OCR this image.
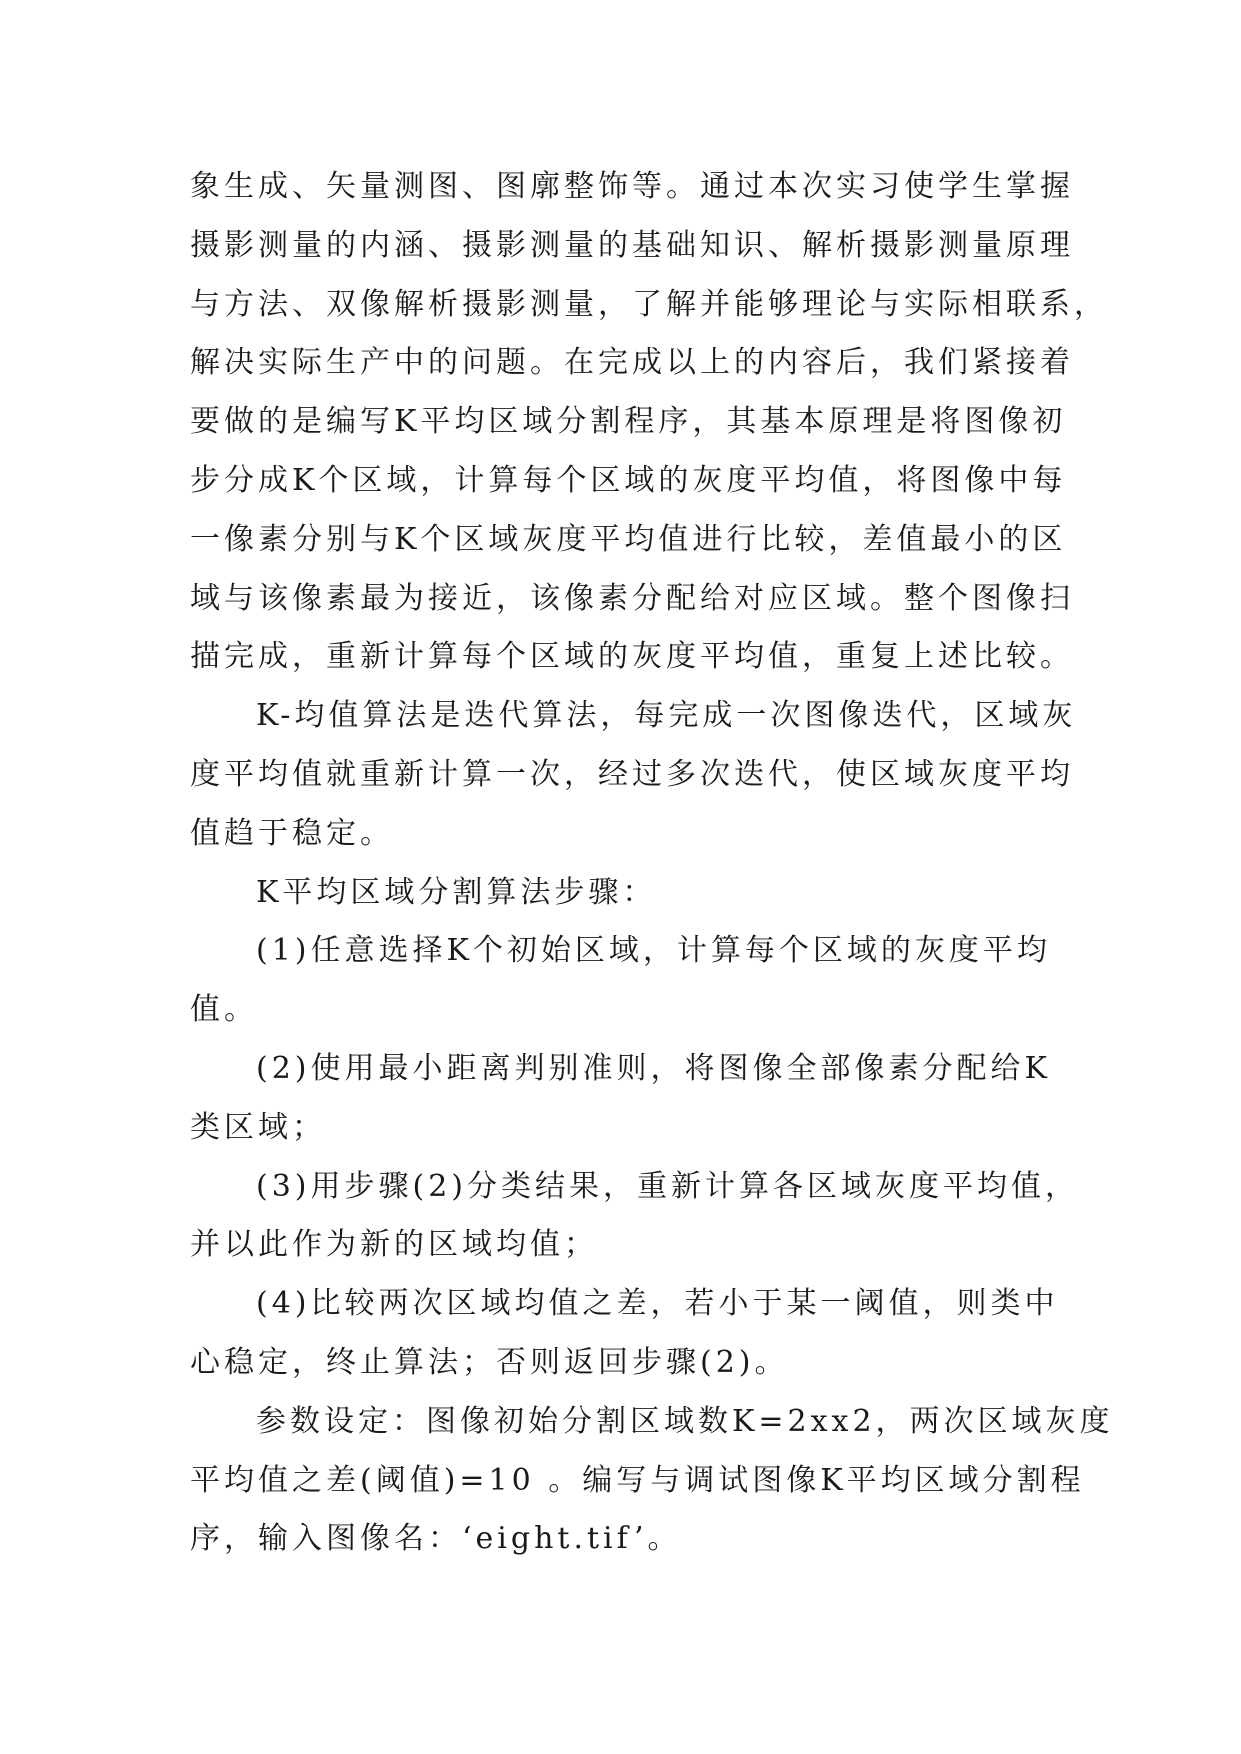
象生成、矢量测图、图廓整饰等。通过本次实习使学生掌握
摄影测量的内涵、摄影测量的基础知识、解析摄影测量原理
与方法、双像解析摄影测量，了解并能够理论与实际相联系，
解决实际生产中的问题。在完成以上的内容后，我们紧接着
要做的是编写K平均区域分割程序，其基本原理是将图像初
步分成K个区域，计算每个区域的灰度平均值，将图像中每
一像素分别与K个区域灰度平均值进行比较，差值最小的区
域与该像素最为接近，该像素分配给对应区域。整个图像扫
描完成，重新计算每个区域的灰度平均值，重复上述比较。
K-均值算法是迭代算法，每完成一次图像迭代，区域灰
度平均值就重新计算一次，经过多次迭代，使区域灰度平均
值趋于稳定。
K平均区域分割算法步骤：
(1)任意选择K个初始区域，计算每个区域的灰度平均
值。
(2)使用最小距离判别准则，将图像全部像素分配给K
类区域；
(3)用步骤(2)分类结果，重新计算各区域灰度平均值，
并以此作为新的区域均值；
(4)比较两次区域均值之差，若小于某一阈值，则类中
心稳定，终止算法；否则返回步骤(2)。
参数设定：图像初始分割区域数K=2xx2，两次区域灰度
平均值之差(阈值)=10 。编写与调试图像K平均区域分割程
序，输入图像名：‘eight.tif’。
